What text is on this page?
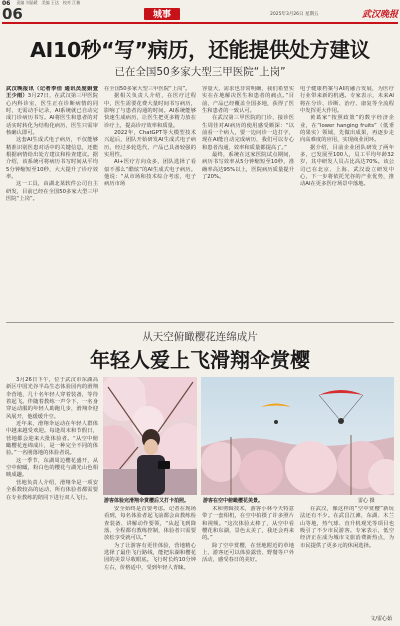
06 责编 刘晶暖 美编 王达 校对 江楠
06	城事	2025年3月26日 星期五	武汉晚报
AI10秒“写”病历，还能提供处方建议
已在全国50多家大型三甲医院“上岗”

武汉晚报讯（记者李佳 通讯员庞娟萱 王少雨）3月27日，在武汉第三甲医院心内科诊室，医生正在诊断病情的同时，无需动手记录，AI系统就已自动完成门诊病历书写。AI将医生和患者的对话实时转化为结构化病历，医生只需审核确认即可。

这套AI生成式电子病历，不仅能够精准识别医患对话中的关键信息，还能根据病情给出处方建议和检查建议。据介绍，该系统可将病历书写时间从平均5分钟缩短至10秒，大大提升了诊疗效率。

这一工具，由湖北某软件公司自主研发，目前已经在全国50多家大型三甲医院“上岗”。

在全国50多家大型三甲医院“上岗”。

据相关负责人介绍，在医疗过程中，医生需要花费大量时间书写病历，影响了与患者沟通的时间。AI系统能够快速生成病历，让医生把更多精力放在诊疗上，提高诊疗效率和质量。

2022年，ChatGPT等大模型技术兴起后，团队开始研发AI生成式电子病历，经过多轮迭代，产品已具备较强的实用性。

AI+医疗方向众多，团队选择了看似不那么“酷炫”的AI生成式电子病历。他说：“从市场和技术综合考虑，电子病历市场

容量大，需求也非常明确，我们希望实实在在地解决医生和患者的痛点。”目前，产品已经覆盖全国多地，获得了医生和患者的一致认可。

在武汉第三甲医院的门诊，接诊医生周佳对AI病历的使用感受颇深：“以前看一个病人，要一边问诊一边打字，现在AI能自动完成病历，我们可以专心和患者沟通，效率和质量都提高了。”

最终，系统在这家医院试点期间，病历书写效率从5分钟缩短至10秒，准确率高达95%以上，医院病历质量提升了20%。

电子健康档案与AI的融合发展，为医疗行业带来新的机遇。专家表示，未来AI将在分诊、诊断、治疗、康复等全流程中发挥更大作用。

黄葛家“按照政策”的数字经济企业，在“lower hanging fruits”（低垂的果实）领域，先做出成果，再逐步走向高难度的应用，实现商业闭环。

据介绍，目前企业团队研发了两年多，已发展至100人，员工平均年龄32岁，其中研发人员占比高达70%。该公司已在北京、上海、武汉设立研发中心，下一步将依托光谷的产业优势，推动AI在更多医疗场景中落地。

从天空俯瞰樱花连绵成片
年轻人爱上飞滑翔伞赏樱

3月26日下午，位于武汉市东湖高新区中国光谷半岛生态体验园内的滑翔伞营地，几十名年轻人穿着装备，等待着起飞。伴随着教练一声令下，一名身穿运动服的年轻人助跑几步，滑翔伞迎风展开，他缓缓升空。

近年来，滑翔伞运动在年轻人群体中越来越受欢迎。每逢周末和节假日，营地都会迎来大批体验者。“从空中俯瞰樱花连绵成片，是一种完全不同的体验。”一名刚落地的体验者说。

这一季节，东湖周边樱花盛开，从空中俯瞰，粉白色的樱花与湖光山色相映成趣。

营地负责人介绍，滑翔伞是一项安全系数较高的运动，所有体验者都需要在专业教练的陪同下进行双人飞行。

游客体验完滑翔伞赏樱后又打卡拍照。	游客在空中俯瞰樱花美景。	雷心 摄

安全始终是首要考虑。记者在现场看到，每名体验者起飞前都会由教练检查装备、讲解动作要领，“从起飞到降落，全程都有教练控制，体验者只需要放松享受就可以。”

为了让游客有更佳体验，营地精心选择了最佳飞行路线，能把东湖和樱花园的美景尽收眼底。飞行时长约10分钟左右，价格适中，受到年轻人青睐。

术和剪辑技术，游客小林今天特意带了一套相机，在空中拍摄了许多照片和视频。“这次体验太棒了，从空中看樱花和东湖，景色太美了，我还会再来的。”

除了空中赏樱，在营地附近的草地上，游客还可以体验露营、野餐等户外活动，感受春日的美好。

在武汉，像这样的“空中赏樱”新玩法还有不少。在武昌江滩，东湖、木兰山等地，热气球、直升机观光等项目也吸引了不少市民游客。专家表示，低空经济正在成为城市文旅消费新热点，为市民提供了更多元的休闲选择。

文/雷心茹
